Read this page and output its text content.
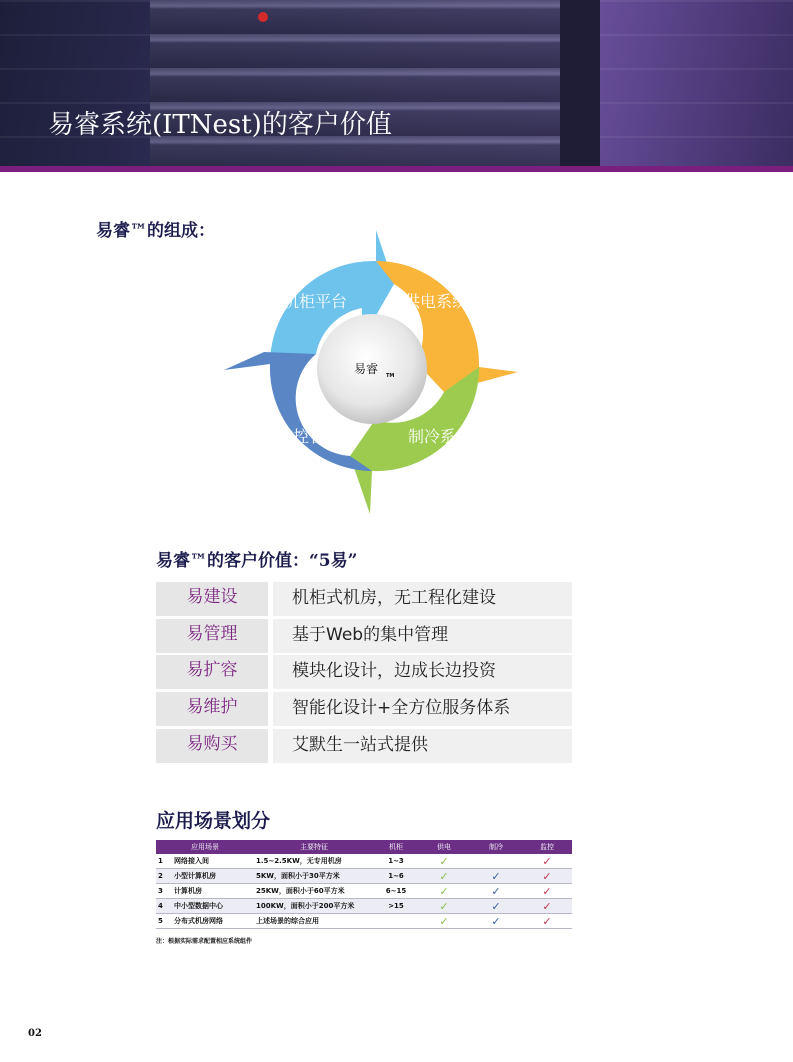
易睿系统(ITNest)的客户价值
易睿™的组成：
机柜平台	供电系统
制冷系统
监控管理
易睿 TM
易睿™的客户价值：“5易”
易建设	机柜式机房，无工程化建设
易管理	基于Web的集中管理
易扩容	模块化设计，边成长边投资
易维护	智能化设计+全方位服务体系
易购买	艾默生一站式提供
应用场景划分
应用场景		主要特征	机柜	供电	制冷	监控
1	网络接入间	1.5~2.5KW，无专用机房	1~3	✓		✓
2	小型计算机房	5KW，面积小于30平方米	1~6	✓	✓	✓
3	计算机房	25KW，面积小于60平方米	6~15	✓	✓	✓
4	中小型数据中心	100KW，面积小于200平方米	>15	✓	✓	✓
5	分布式机房网络	上述场景的综合应用		✓	✓	✓
注：根据实际需求配置相应系统组件
02
